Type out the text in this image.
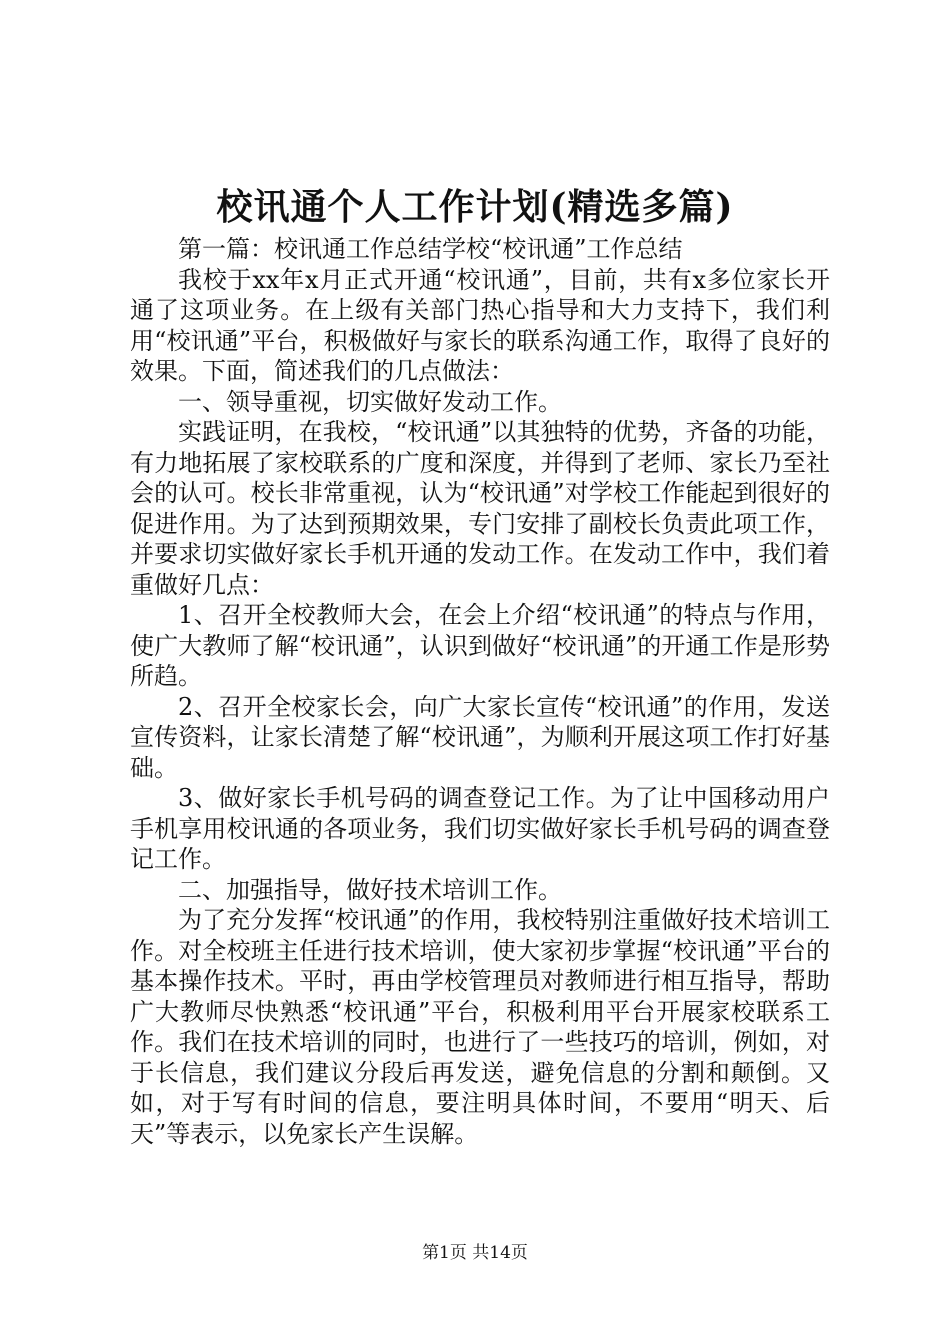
校讯通个人工作计划(精选多篇)

第一篇：校讯通工作总结学校“校讯通”工作总结

我校于xx年x月正式开通“校讯通”，目前，共有x多位家长开通了这项业务。在上级有关部门热心指导和大力支持下，我们利用“校讯通”平台，积极做好与家长的联系沟通工作，取得了良好的效果。下面，简述我们的几点做法：

一、领导重视，切实做好发动工作。

实践证明，在我校，“校讯通”以其独特的优势，齐备的功能，有力地拓展了家校联系的广度和深度，并得到了老师、家长乃至社会的认可。校长非常重视，认为“校讯通”对学校工作能起到很好的促进作用。为了达到预期效果，专门安排了副校长负责此项工作，并要求切实做好家长手机开通的发动工作。在发动工作中，我们着重做好几点：

1、召开全校教师大会，在会上介绍“校讯通”的特点与作用，使广大教师了解“校讯通”，认识到做好“校讯通”的开通工作是形势所趋。

2、召开全校家长会，向广大家长宣传“校讯通”的作用，发送宣传资料，让家长清楚了解“校讯通”，为顺利开展这项工作打好基础。

3、做好家长手机号码的调查登记工作。为了让中国移动用户手机享用校讯通的各项业务，我们切实做好家长手机号码的调查登记工作。

二、加强指导，做好技术培训工作。

为了充分发挥“校讯通”的作用，我校特别注重做好技术培训工作。对全校班主任进行技术培训，使大家初步掌握“校讯通”平台的基本操作技术。平时，再由学校管理员对教师进行相互指导，帮助广大教师尽快熟悉“校讯通”平台，积极利用平台开展家校联系工作。我们在技术培训的同时，也进行了一些技巧的培训，例如，对于长信息，我们建议分段后再发送，避免信息的分割和颠倒。又如，对于写有时间的信息，要注明具体时间，不要用“明天、后天”等表示，以免家长产生误解。

第1页 共14页
